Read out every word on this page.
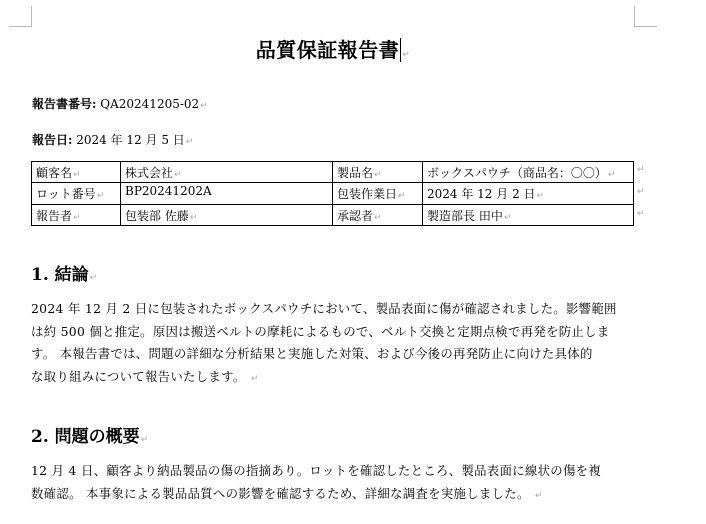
品質保証報告書 ↵
報告書番号: QA20241205-02↵
報告日: 2024 年 12 月 5 日↵
顧客名↵	株式会社↵	製品名↵	ボックスパウチ（商品名：〇〇）↵
ロット番号↵	BP20241202A	包装作業日↵	2024 年 12 月 2 日↵
報告者↵	包装部 佐藤↵	承認者↵	製造部長 田中↵
↵
↵
↵
1. 結論↵
2024 年 12 月 2 日に包装されたボックスパウチにおいて、製品表面に傷が確認されました。影響範囲
は約 500 個と推定。原因は搬送ベルトの摩耗によるもので、ベルト交換と定期点検で再発を防止しま
す。 本報告書では、問題の詳細な分析結果と実施した対策、および今後の再発防止に向けた具体的
な取り組みについて報告いたします。 ↵
2. 問題の概要↵
12 月 4 日、顧客より納品製品の傷の指摘あり。ロットを確認したところ、製品表面に線状の傷を複
数確認。 本事象による製品品質への影響を確認するため、詳細な調査を実施しました。 ↵
